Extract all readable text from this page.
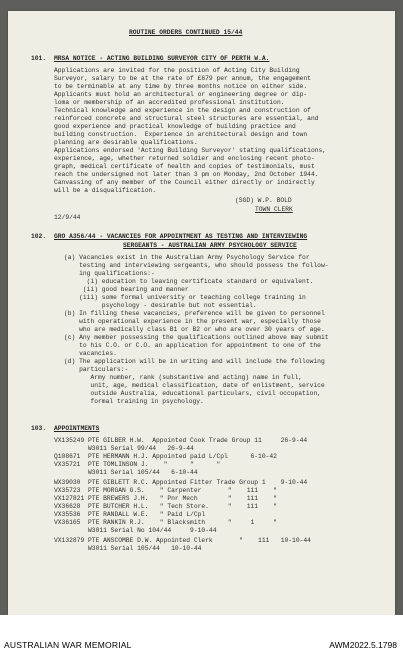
ROUTINE ORDERS CONTINUED 15/44
101. MRSA NOTICE - ACTING BUILDING SURVEYOR CITY OF PERTH W.A.
Applications are invited for the position of Acting City Building
Surveyor, salary to be at the rate of £679 per annum, the engagement
to be terminable at any time by three months notice on either side.
Applicants must hold an architectural or engineering degree or dip-
loma or membership of an accredited professional institution.
Technical knowledge and experience in the design and construction of
reinforced concrete and structural steel structures are essential, and
good experience and practical knowledge of building practice and
building construction.  Experience in architectural design and town
planning are desirable qualifications.
Applications endorsed 'Acting Building Surveyor' stating qualifications,
experience, age, whether returned soldier and enclosing recent photo-
graph, medical certificate of health and copies of testimonials, must
reach the undersigned not later than 3 pm on Monday, 2nd October 1944.
Canvassing of any member of the Council either directly or indirectly
will be a disqualification.
(SGD) W.P. BOLD
TOWN CLERK
12/9/44
102. GRO A356/44 - VACANCIES FOR APPOINTMENT AS TESTING AND INTERVIEWING
SERGEANTS - AUSTRALIAN ARMY PSYCHOLOGY SERVICE
(a) Vacancies exist in the Australian Army Psychology Service for
testing and interviewing sergeants, who should possess the follow-
ing qualifications:-
(i) education to leaving certificate standard or equivalent.
(ii) good bearing and manner
(iii) some formal university or teaching college training in
psychology - desirable but not essential.
(b) In filling these vacancies, preference will be given to personnel
with operational experience in the present war, especially those
who are medically class B1 or B2 or who are over 30 years of age.
(c) Any member possessing the qualifications outlined above may submit
to his C.O. or C.O. an application for appointment to one of the
vacancies.
(d) The application will be in writing and will include the following
particulars:-
Army number, rank (substantive and acting) name in full,
unit, age, medical classification, date of enlistment, service
outside Australia, educational particulars, civil occupation,
formal training in psychology.
103. APPOINTMENTS
VX135249 PTE GILBER H.W.  Appointed Cook Trade Group 11     26-9-44
W3011 Serial 99/44   26-9-44
Q108671  PTE HERMANN H.J. Appointed paid L/Cpl      6-10-42
VX35721  PTE TOMLINSON J.    "      "      "
W3011 Serial 105/44   6-10-44
WX39030  PTE GIBLETT R.C. Appointed Fitter Trade Group 1    9-10-44
VX35723  PTE MORGAN G.S.    " Carpenter       "    111    "
VX127821 PTE BREWERS J.H.   " Pnr Mech        "    111    "
VX36628  PTE BUTCHER H.L.   " Tech Store.     "    111    "
VX35536  PTE RANDALL W.E.   " Paid L/Cpl
VX36165  PTE RANKIN R.J.    " Blacksmith      "     1     "
W3011 Serial No 104/44     9-10-44
VX132879 PTE ANSCOMBE D.W. Appointed Clerk       "    111   10-10-44
W3011 Serial 105/44   10-10-44
AUSTRALIAN WAR MEMORIAL	AWM2022.5.1798
